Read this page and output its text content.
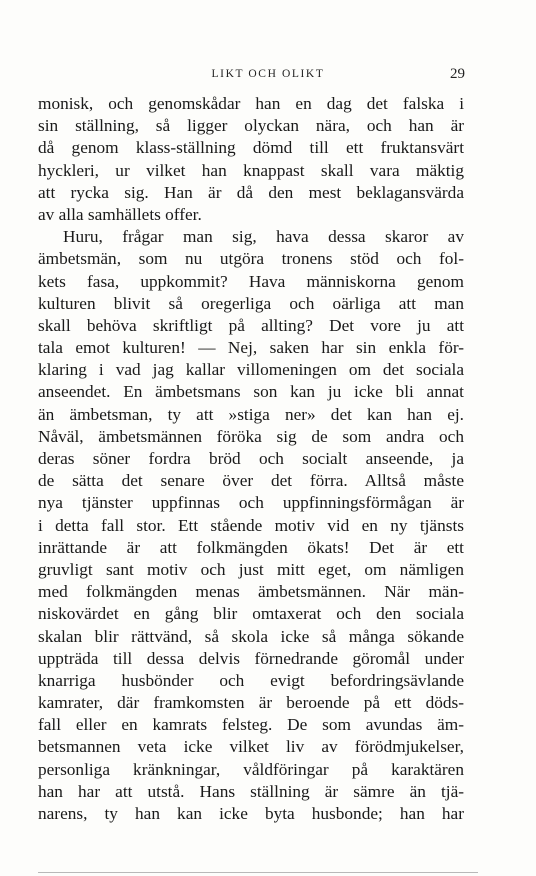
LIKT OCH OLIKT	29
monisk, och genomskådar han en dag det falska i
sin ställning, så ligger olyckan nära, och han är
då genom klass-ställning dömd till ett fruktansvärt
hyckleri, ur vilket han knappast skall vara mäktig
att rycka sig. Han är då den mest beklagansvärda
av alla samhällets offer.
Huru, frågar man sig, hava dessa skaror av
ämbetsmän, som nu utgöra tronens stöd och fol-
kets fasa, uppkommit? Hava människorna genom
kulturen blivit så oregerliga och oärliga att man
skall behöva skriftligt på allting? Det vore ju att
tala emot kulturen! — Nej, saken har sin enkla för-
klaring i vad jag kallar villomeningen om det sociala
anseendet. En ämbetsmans son kan ju icke bli annat
än ämbetsman, ty att »stiga ner» det kan han ej.
Nåväl, ämbetsmännen föröka sig de som andra och
deras söner fordra bröd och socialt anseende, ja
de sätta det senare över det förra. Alltså måste
nya tjänster uppfinnas och uppfinningsförmågan är
i detta fall stor. Ett stående motiv vid en ny tjänsts
inrättande är att folkmängden ökats! Det är ett
gruvligt sant motiv och just mitt eget, om nämligen
med folkmängden menas ämbetsmännen. När män-
niskovärdet en gång blir omtaxerat och den sociala
skalan blir rättvänd, så skola icke så många sökande
uppträda till dessa delvis förnedrande göromål under
knarriga husbönder och evigt befordringsävlande
kamrater, där framkomsten är beroende på ett döds-
fall eller en kamrats felsteg. De som avundas äm-
betsmannen veta icke vilket liv av förödmjukelser,
personliga kränkningar, våldföringar på karaktären
han har att utstå. Hans ställning är sämre än tjä-
narens, ty han kan icke byta husbonde; han har
